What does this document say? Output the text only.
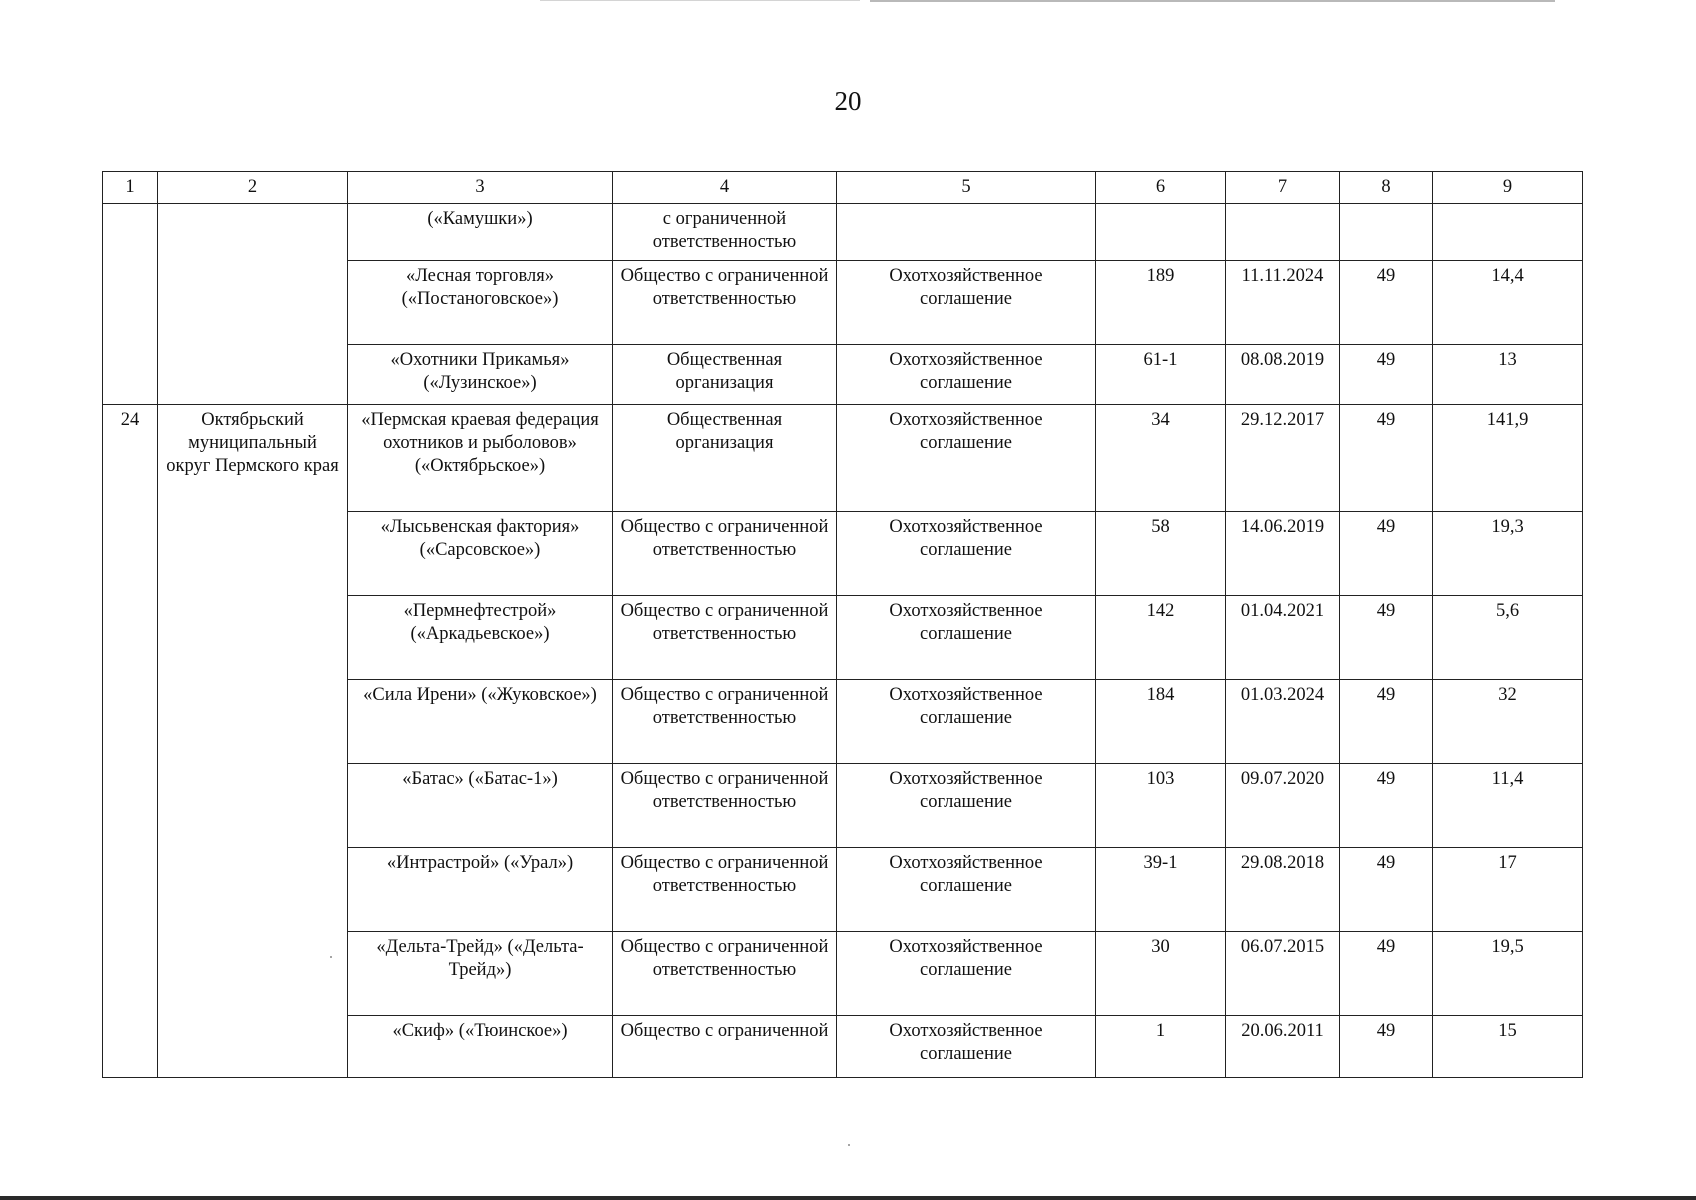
20
1	2	3	4	5	6	7	8	9
		(«Камушки»)	с ограниченной ответственностью					
		«Лесная торговля» («Постаноговское»)	Общество с ограниченной ответственностью	Охотхозяйственное соглашение	189	11.11.2024	49	14,4
		«Охотники Прикамья» («Лузинское»)	Общественная организация	Охотхозяйственное соглашение	61-1	08.08.2019	49	13
24	Октябрьский муниципальный округ Пермского края	«Пермская краевая федерация охотников и рыболовов» («Октябрьское»)	Общественная организация	Охотхозяйственное соглашение	34	29.12.2017	49	141,9
		«Лысьвенская фактория» («Сарсовское»)	Общество с ограниченной ответственностью	Охотхозяйственное соглашение	58	14.06.2019	49	19,3
		«Пермнефтестрой» («Аркадьевское»)	Общество с ограниченной ответственностью	Охотхозяйственное соглашение	142	01.04.2021	49	5,6
		«Сила Ирени» («Жуковское»)	Общество с ограниченной ответственностью	Охотхозяйственное соглашение	184	01.03.2024	49	32
		«Батас» («Батас-1»)	Общество с ограниченной ответственностью	Охотхозяйственное соглашение	103	09.07.2020	49	11,4
		«Интрастрой» («Урал»)	Общество с ограниченной ответственностью	Охотхозяйственное соглашение	39-1	29.08.2018	49	17
		«Дельта-Трейд» («Дельта-Трейд»)	Общество с ограниченной ответственностью	Охотхозяйственное соглашение	30	06.07.2015	49	19,5
		«Скиф» («Тюинское»)	Общество с ограниченной	Охотхозяйственное соглашение	1	20.06.2011	49	15
